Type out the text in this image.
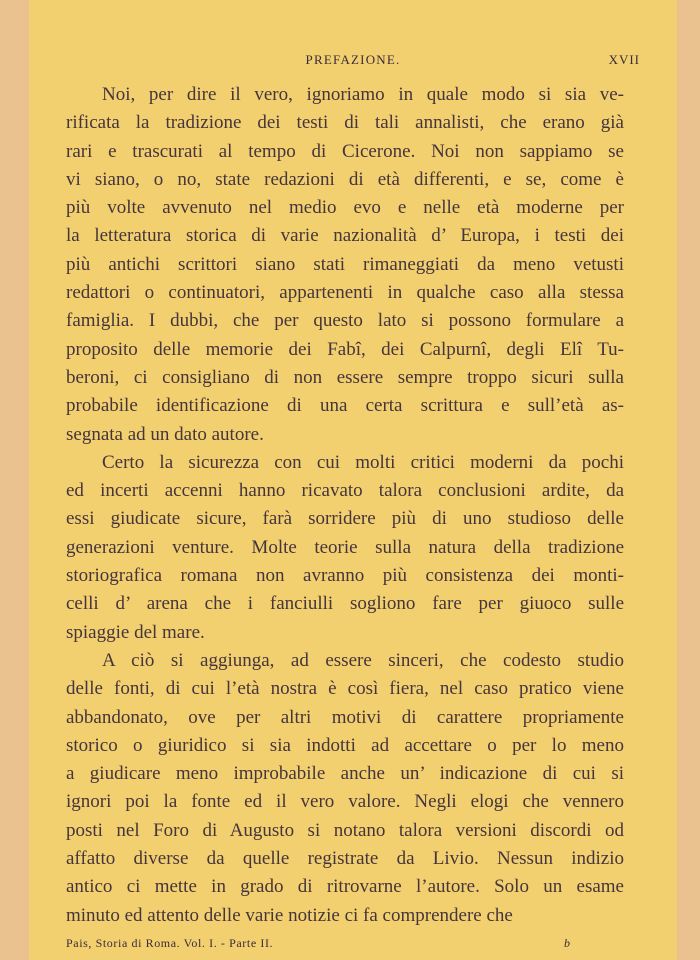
PREFAZIONE.	XVII
Noi, per dire il vero, ignoriamo in quale modo si sia ve-
rificata la tradizione dei testi di tali annalisti, che erano già
rari e trascurati al tempo di Cicerone. Noi non sappiamo se
vi siano, o no, state redazioni di età differenti, e se, come è
più volte avvenuto nel medio evo e nelle età moderne per
la letteratura storica di varie nazionalità d’ Europa, i testi dei
più antichi scrittori siano stati rimaneggiati da meno vetusti
redattori o continuatori, appartenenti in qualche caso alla stessa
famiglia. I dubbi, che per questo lato si possono formulare a
proposito delle memorie dei Fabî, dei Calpurnî, degli Elî Tu-
beroni, ci consigliano di non essere sempre troppo sicuri sulla
probabile identificazione di una certa scrittura e sull’età as-
segnata ad un dato autore.
Certo la sicurezza con cui molti critici moderni da pochi
ed incerti accenni hanno ricavato talora conclusioni ardite, da
essi giudicate sicure, farà sorridere più di uno studioso delle
generazioni venture. Molte teorie sulla natura della tradizione
storiografica romana non avranno più consistenza dei monti-
celli d’ arena che i fanciulli sogliono fare per giuoco sulle
spiaggie del mare.
A ciò si aggiunga, ad essere sinceri, che codesto studio
delle fonti, di cui l’età nostra è così fiera, nel caso pratico viene
abbandonato, ove per altri motivi di carattere propriamente
storico o giuridico si sia indotti ad accettare o per lo meno
a giudicare meno improbabile anche un’ indicazione di cui si
ignori poi la fonte ed il vero valore. Negli elogi che vennero
posti nel Foro di Augusto si notano talora versioni discordi od
affatto diverse da quelle registrate da Livio. Nessun indizio
antico ci mette in grado di ritrovarne l’autore. Solo un esame
minuto ed attento delle varie notizie ci fa comprendere che
Pais, Storia di Roma. Vol. I. - Parte II.	b
